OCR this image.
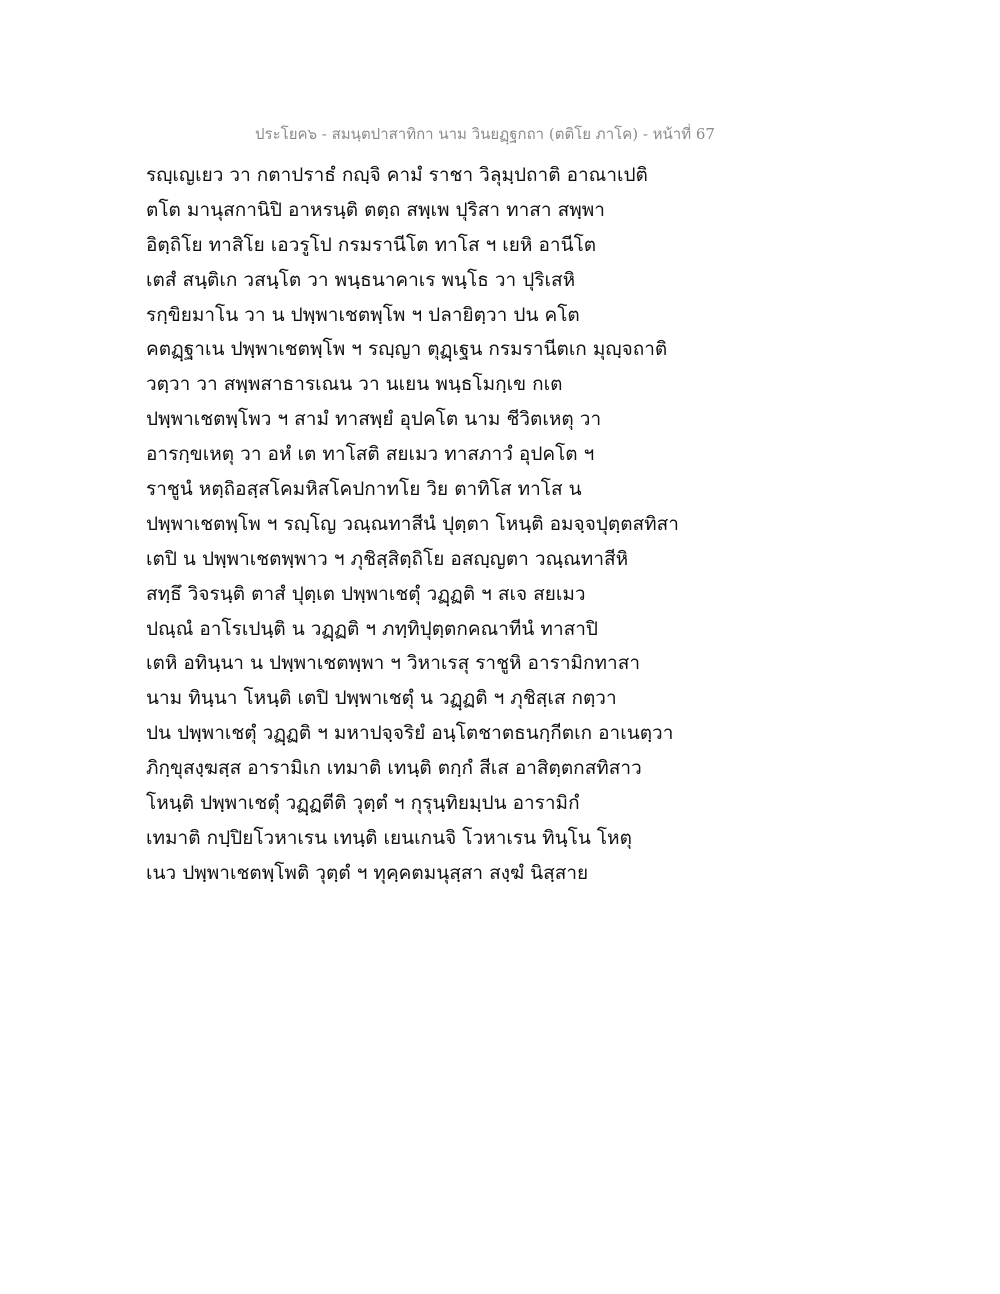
ประโยค๖ - สมนฺตปาสาทิกา นาม วินยฏฺฐกถา (ตติโย ภาโค) - หน้าที่ 67
รญฺเญเยว วา กตาปราธํ กญฺจิ คามํ ราชา วิลุมฺปถาติ อาณาเปติ
ตโต มานุสกานิปิ อาหรนฺติ ตตฺถ สพฺเพ ปุริสา ทาสา สพฺพา
อิตฺถิโย ทาสิโย เอวรูโป กรมรานีโต ทาโส ฯ เยหิ อานีโต
เตสํ สนฺติเก วสนฺโต วา พนฺธนาคาเร พนฺโธ วา ปุริเสหิ
รกฺขิยมาโน วา น ปพฺพาเชตพฺโพ ฯ ปลายิตฺวา ปน คโต
คตฏฺฐาเน ปพฺพาเชตพฺโพ ฯ รญฺญา ตุฏฺเฐน กรมรานีตเก มุญฺจถาติ
วตฺวา วา สพฺพสาธารเณน วา นเยน พนฺธโมกฺเข กเต
ปพฺพาเชตพฺโพว ฯ สามํ ทาสพฺยํ อุปคโต นาม ชีวิตเหตุ วา
อารกฺขเหตุ วา อหํ เต ทาโสติ สยเมว ทาสภาวํ อุปคโต ฯ
ราชูนํ หตฺถิอสฺสโคมหิสโคปกาทโย วิย ตาทิโส ทาโส น
ปพฺพาเชตพฺโพ ฯ รญฺโญ วณฺณทาสีนํ ปุตฺตา โหนฺติ อมจฺจปุตฺตสทิสา
เตปิ น ปพฺพาเชตพฺพาว ฯ ภุชิสฺสิตฺถิโย อสญฺญตา วณฺณทาสีหิ
สทฺธึ วิจรนฺติ ตาสํ ปุตฺเต ปพฺพาเชตุํ วฏฺฏติ ฯ สเจ สยเมว
ปณฺณํ อาโรเปนฺติ น วฏฺฏติ ฯ ภทฺทิปุตฺตกคณาทีนํ ทาสาปิ
เตหิ อทินฺนา น ปพฺพาเชตพฺพา ฯ วิหาเรสุ ราชูหิ อารามิกทาสา
นาม ทินฺนา โหนฺติ เตปิ ปพฺพาเชตุํ น วฏฺฏติ ฯ ภุชิสฺเส กตฺวา
ปน ปพฺพาเชตุํ วฏฺฏติ ฯ มหาปจฺจริยํ อนฺโตชาตธนกฺกีตเก อาเนตฺวา
ภิกฺขุสงฺฆสฺส อารามิเก เทมาติ เทนฺติ ตกฺกํ สีเส อาสิตฺตกสทิสาว
โหนฺติ ปพฺพาเชตุํ วฏฺฏตีติ วุตฺตํ ฯ กุรุนฺทิยมฺปน อารามิกํ
เทมาติ กปฺปิยโวหาเรน เทนฺติ เยนเกนจิ โวหาเรน ทินฺโน โหตุ
เนว ปพฺพาเชตพฺโพติ วุตฺตํ ฯ ทุคฺคตมนุสฺสา สงฺฆํ นิสฺสาย
